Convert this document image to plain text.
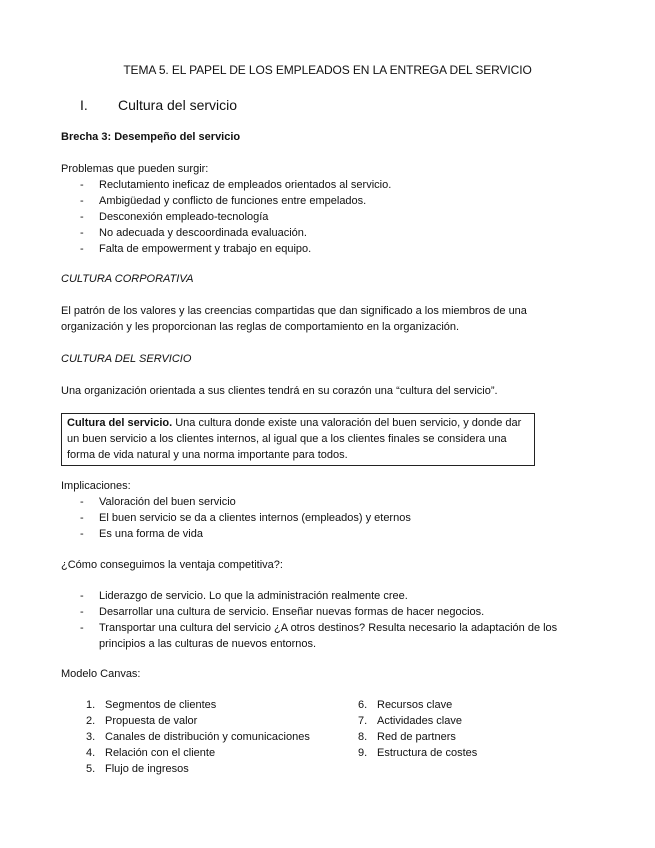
TEMA 5. EL PAPEL DE LOS EMPLEADOS EN LA ENTREGA DEL SERVICIO
I. Cultura del servicio
Brecha 3: Desempeño del servicio
Problemas que pueden surgir:
- Reclutamiento ineficaz de empleados orientados al servicio.
- Ambigüedad y conflicto de funciones entre empelados.
- Desconexión empleado-tecnología
- No adecuada y descoordinada evaluación.
- Falta de empowerment y trabajo en equipo.
CULTURA CORPORATIVA
El patrón de los valores y las creencias compartidas que dan significado a los miembros de una organización y les proporcionan las reglas de comportamiento en la organización.
CULTURA DEL SERVICIO
Una organización orientada a sus clientes tendrá en su corazón una “cultura del servicio”.
Cultura del servicio. Una cultura donde existe una valoración del buen servicio, y donde dar un buen servicio a los clientes internos, al igual que a los clientes finales se considera una forma de vida natural y una norma importante para todos.
Implicaciones:
- Valoración del buen servicio
- El buen servicio se da a clientes internos (empleados) y eternos
- Es una forma de vida
¿Cómo conseguimos la ventaja competitiva?:
- Liderazgo de servicio. Lo que la administración realmente cree.
- Desarrollar una cultura de servicio. Enseñar nuevas formas de hacer negocios.
- Transportar una cultura del servicio ¿A otros destinos? Resulta necesario la adaptación de los principios a las culturas de nuevos entornos.
Modelo Canvas:
1. Segmentos de clientes
2. Propuesta de valor
3. Canales de distribución y comunicaciones
4. Relación con el cliente
5. Flujo de ingresos
6. Recursos clave
7. Actividades clave
8. Red de partners
9. Estructura de costes
